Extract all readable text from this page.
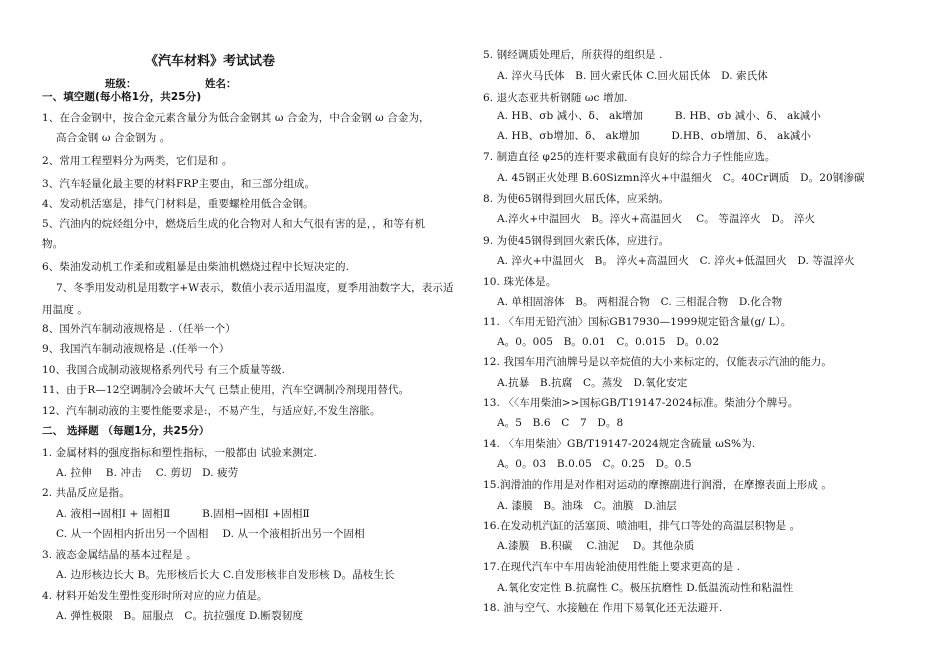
《汽车材料》考试试卷
班级：	姓名：
一、填空题(每小格1分，共25分)
1、在合金钢中，按合金元素含量分为低合金钢其 ω 合金为，中合金钢 ω 合金为，
高合金钢 ω 合金钢为 。
2、常用工程塑料分为两类，它们是和 。
3、汽车轻量化最主要的材料FRP主要由，和三部分组成。
4、发动机活塞是，排气门材料是，重要螺栓用低合金钢。
5、汽油内的烷烃组分中，燃烧后生成的化合物对人和大气很有害的是，，和等有机
物。
6、柴油发动机工作柔和或粗暴是由柴油机燃烧过程中长短决定的.
7、冬季用发动机是用数字+W表示，数值小表示适用温度，夏季用油数字大，表示适
用温度 。
8、国外汽车制动液规格是 .（任举一个）
9、我国汽车制动液规格是 .(任举一个）
10、我国合成制动液规格系列代号 有三个质量等级.
11、由于R—12空调制冷会破坏大气 已禁止使用，汽车空调制冷剂现用替代。
12、汽车制动液的主要性能要求是:，不易产生，与适应好,不发生溶胀。
二、 选择题 （每题1分，共25分）
1. 金属材料的强度指标和塑性指标，一般都由 试验来测定.
A. 拉伸　 B. 冲击　 C. 剪切　D. 疲劳
2. 共晶反应是指。
A. 液相→固相Ⅰ + 固相Ⅱ　　　B.固相→固相Ⅰ +固相Ⅱ
C. 从一个固相内折出另一个固相　 D. 从一个液相折出另一个固相
3. 液态金属结晶的基本过程是 。
A. 边形核边长大 B。先形核后长大 C.自发形核非自发形核 D。晶枝生长
4. 材料开始发生塑性变形时所对应的应力值是。
A. 弹性极限　B。屈服点　C。抗拉强度 D.断裂韧度
5. 钢经调质处理后，所获得的组织是 .
A. 淬火马氏体　B. 回火索氏体 C.回火屈氏体　D. 索氏体
6. 退火态亚共析钢随 ωc 增加.
A. HB、σb 减小、δ、 ak增加　　　B. HB、σb 减小、δ、 ak减小
A. HB、σb增加、δ、 ak增加　　　D.HB、σb增加、δ、 ak减小
7. 制造直径 φ25的连杆要求截面有良好的综合力子性能应选。
A. 45钢正火处理 B.60Sizmn淬火+中温细火　C。40Cr调质　D。20钢渗碳
8. 为使65钢得到回火屈氏体，应采纳。
A.淬火+中温回火　B。淬火+高温回火　 C。 等温淬火　D。 淬火
9. 为使45钢得到回火索氏体，应进行。
A. 淬火+中温回火　B。 淬火+高温回火　C. 淬火+低温回火　D. 等温淬火
10. 珠光体是。
A. 单相固溶体　B。 两相混合物　C. 三相混合物　D.化合物
11. 〈车用无铅汽油〉国标GB17930—1999规定铅含量(g/ L）。
A。0。005　B。0.01　C。0.015　D。0.02
12. 我国车用汽油牌号是以辛烷值的大小来标定的，仅能表示汽油的能力。
A.抗暴　B.抗腐　C。蒸发　D.氧化安定
13. 〈〈车用柴油>>国标GB/T19147-2024标准。柴油分个牌号。
A。5　B.6　C　7　D。8
14. 〈车用柴油〉GB/T19147-2024规定含硫量 ωS%为.
A。0。03　B.0.05　C。0.25　D。0.5
15.润滑油的作用是对作相对运动的摩擦副进行润滑，在摩擦表面上形成 。
A. 漆膜　B。油珠　C。油膜　D.油层
16.在发动机汽缸的活塞顶、喷油咀，排气口等处的高温层积物是 。
A.漆膜　B.积碳　 C.油泥　 D。其他杂质
17.在现代汽车中车用齿轮油使用性能上要求更高的是 .
A.氧化安定性 B.抗腐性 C。极压抗磨性 D.低温流动性和粘温性
18. 油与空气、水接触在 作用下易氧化还无法避开.
